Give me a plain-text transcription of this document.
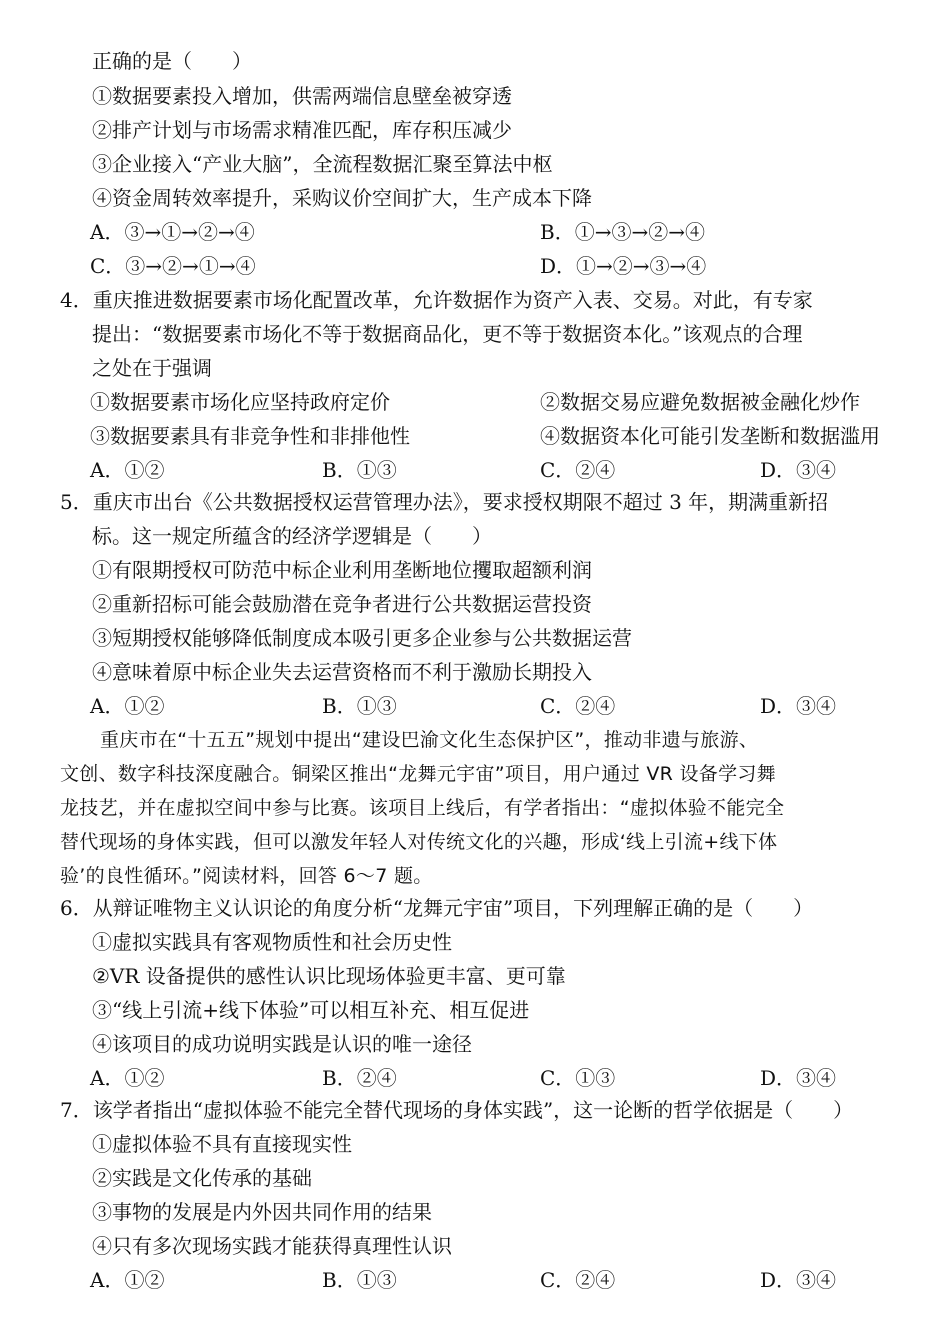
正确的是（　　）
①数据要素投入增加，供需两端信息壁垒被穿透
②排产计划与市场需求精准匹配，库存积压减少
③企业接入“产业大脑”，全流程数据汇聚至算法中枢
④资金周转效率提升，采购议价空间扩大，生产成本下降
A．③→①→②→④	B．①→③→②→④
C．③→②→①→④	D．①→②→③→④
4．重庆推进数据要素市场化配置改革，允许数据作为资产入表、交易。对此，有专家
提出：“数据要素市场化不等于数据商品化，更不等于数据资本化。”该观点的合理
之处在于强调
①数据要素市场化应坚持政府定价	②数据交易应避免数据被金融化炒作
③数据要素具有非竞争性和非排他性	④数据资本化可能引发垄断和数据滥用
A．①②	B．①③	C．②④	D．③④
5．重庆市出台《公共数据授权运营管理办法》，要求授权期限不超过 3 年，期满重新招
标。这一规定所蕴含的经济学逻辑是（　　）
①有限期授权可防范中标企业利用垄断地位攫取超额利润
②重新招标可能会鼓励潜在竞争者进行公共数据运营投资
③短期授权能够降低制度成本吸引更多企业参与公共数据运营
④意味着原中标企业失去运营资格而不利于激励长期投入
A．①②	B．①③	C．②④	D．③④
重庆市在“十五五”规划中提出“建设巴渝文化生态保护区”，推动非遗与旅游、
文创、数字科技深度融合。铜梁区推出“龙舞元宇宙”项目，用户通过 VR 设备学习舞
龙技艺，并在虚拟空间中参与比赛。该项目上线后，有学者指出：“虚拟体验不能完全
替代现场的身体实践，但可以激发年轻人对传统文化的兴趣，形成‘线上引流+线下体
验’的良性循环。”阅读材料，回答 6～7 题。
6．从辩证唯物主义认识论的角度分析“龙舞元宇宙”项目，下列理解正确的是（　　）
①虚拟实践具有客观物质性和社会历史性
②VR 设备提供的感性认识比现场体验更丰富、更可靠
③“线上引流+线下体验”可以相互补充、相互促进
④该项目的成功说明实践是认识的唯一途径
A．①②	B．②④	C．①③	D．③④
7．该学者指出“虚拟体验不能完全替代现场的身体实践”，这一论断的哲学依据是（　　）
①虚拟体验不具有直接现实性
②实践是文化传承的基础
③事物的发展是内外因共同作用的结果
④只有多次现场实践才能获得真理性认识
A．①②	B．①③	C．②④	D．③④
